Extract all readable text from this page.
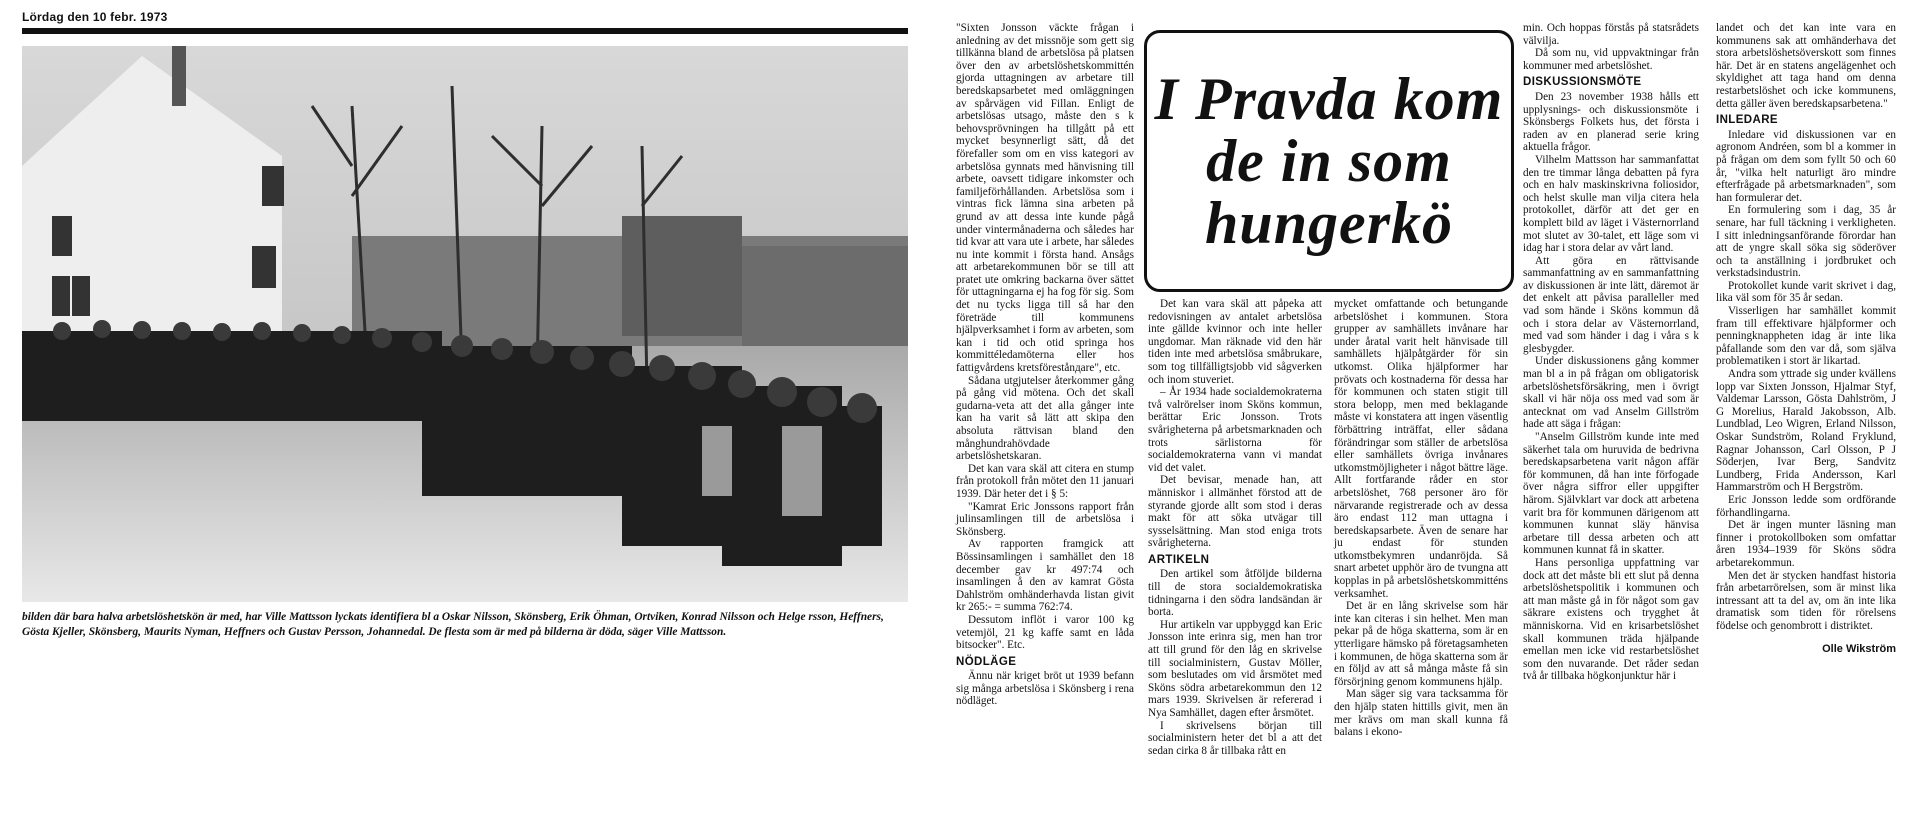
Lördag den 10 febr. 1973
bilden där bara halva arbetslöshetskön är med, har Ville Mattsson lyckats identifiera bl a Oskar Nilsson, Skönsberg, Erik Öhman, Ortviken, Konrad Nilsson och Helge rsson, Heffners, Gösta Kjeller, Skönsberg, Maurits Nyman, Heffners och Gustav Persson, Johannedal. De flesta som är med på bilderna är döda, säger Ville Mattsson.

"Sixten Jonsson väckte frågan i anledning av det missnöje som gett sig tillkänna bland de arbetslösa på platsen över den av arbetslöshetskommittén gjorda uttagningen av arbetare till beredskapsarbetet med omläggningen av spårvägen vid Fillan. Enligt de arbetslösas utsago, måste den s k behovsprövningen ha tillgått på ett mycket besynnerligt sätt, då det förefaller som om en viss kategori av arbetslösa gynnats med hänvisning till arbete, oavsett tidigare inkomster och familjeförhållanden. Arbetslösa som i vintras fick lämna sina arbeten på grund av att dessa inte kunde pågå under vintermånaderna och således har tid kvar att vara ute i arbete, har således nu inte kommit i första hand. Ansågs att arbetarekommunen bör se till att pratet ute omkring backarna över sättet för uttagningarna ej ha fog för sig. Som det nu tycks ligga till så har den företräde till kommunens hjälpverksamhet i form av arbeten, som kan i tid och otid springa hos kommittéledamöterna eller hos fattigvårdens kretsförestånдаre", etc.

Sådana utgjutelser återkommer gång på gång vid mötena. Och det skall gudarna-veta att det alla gånger inte kan ha varit så lätt att skipa den absoluta rättvisan bland den månghundrahövdade arbetslöshetskaran.

Det kan vara skäl att citera en stump från protokoll från mötet den 11 januari 1939. Där heter det i § 5:

"Kamrat Eric Jonssons rapport från julinsamlingen till de arbetslösa i Skönsberg.

Av rapporten framgick att Bössinsamlingen i samhället den 18 december gav kr 497:74 och insamlingen å den av kamrat Gösta Dahlström omhänderhavda listan givit kr 265:- = summa 762:74.

Dessutom inflöt i varor 100 kg vetemjöl, 21 kg kaffe samt en låda bitsocker". Etc.

NÖDLÄGE

Ännu när kriget bröt ut 1939 befann sig många arbetslösa i Skönsberg i rena nödläget.

I Pravda kom de in som hungerkö

Det kan vara skäl att påpeka att redovisningen av antalet arbetslösa inte gällde kvinnor och inte heller ungdomar. Man räknade vid den här tiden inte med arbetslösa småbrukare, som tog tillfälligtsjobb vid sågverken och inom stuveriet.

– År 1934 hade socialdemokraterna två valrörelser inom Sköns kommun, berättar Eric Jonsson. Trots svårigheterna på arbetsmarknaden och trots särlistorna för socialdemokraterna vann vi mandat vid det valet.

Det bevisar, menade han, att människor i allmänhet förstod att de styrande gjorde allt som stod i deras makt för att söka utvägar till sysselsättning. Man stod eniga trots svårigheterna.

ARTIKELN

Den artikel som åtföljde bilderna till de stora socialdemokratiska tidningarna i den södra landsändan är borta.

Hur artikeln var uppbyggd kan Eric Jonsson inte erinra sig, men han tror att till grund för den låg en skrivelse till socialministern, Gustav Möller, som beslutades om vid årsmötet med Sköns södra arbetarekommun den 12 mars 1939. Skrivelsen är refererad i Nya Samhället, dagen efter årsmötet.

I skrivelsens början till socialministern heter det bl a att det sedan cirka 8 år tillbaka rått en

mycket omfattande och betungande arbetslöshet i kommunen. Stora grupper av samhällets invånare har under åratal varit helt hänvisade till samhällets hjälpåtgärder för sin utkomst. Olika hjälpformer har prövats och kostnaderna för dessa har för kommunen och staten stigit till stora belopp, men med beklagande måste vi konstatera att ingen väsentlig förbättring inträffat, eller sådana förändringar som ställer de arbetslösa eller samhällets övriga invånares utkomstmöjligheter i något bättre läge. Allt fortfarande råder en stor arbetslöshet, 768 personer äro för närvarande registrerade och av dessa äro endast 112 man uttagna i beredskapsarbete. Även de senare har ju endast för stunden utkomstbekymren undanröjda. Så snart arbetet upphör äro de tvungna att kopplas in på arbetslöshetskommitténs verksamhet.

Det är en lång skrivelse som här inte kan citeras i sin helhet. Men man pekar på de höga skatterna, som är en ytterligare hämsko på företagsamheten i kommunen, de höga skatterna som är en följd av att så många måste få sin försörjning genom kommunens hjälp.

Man säger sig vara tacksamma för den hjälp staten hittills givit, men än mer krävs om man skall kunna få balans i ekono-

min. Och hoppas förstås på statsrådets välvilja.

Då som nu, vid uppvaktningar från kommuner med arbetslöshet.

DISKUSSIONSMÖTE

Den 23 november 1938 hålls ett upplysnings- och diskussionsmöte i Skönsbergs Folkets hus, det första i raden av en planerad serie kring aktuella frågor.

Vilhelm Mattsson har sammanfattat den tre timmar långa debatten på fyra och en halv maskinskrivna foliosidor, och helst skulle man vilja citera hela protokollet, därför att det ger en komplett bild av läget i Västernorrland mot slutet av 30-talet, ett läge som vi idag har i stora delar av vårt land.

Att göra en rättvisande sammanfattning av en sammanfattning av diskussionen är inte lätt, däremot är det enkelt att påvisa paralleller med vad som hände i Sköns kommun då och i stora delar av Västernorrland, med vad som händer i dag i våra s k glesbygder.

Under diskussionens gång kommer man bl a in på frågan om obligatorisk arbetslöshetsförsäkring, men i övrigt skall vi här nöja oss med vad som är antecknat om vad Anselm Gillström hade att säga i frågan:

"Anselm Gillström kunde inte med säkerhet tala om huruvida de bedrivna beredskapsarbetena varit någon affär för kommunen, då han inte förfogade över några siffror eller uppgifter härom. Självklart var dock att arbetena varit bra för kommunen därigenom att kommunen kunnat släy hänvisa arbetare till dessa arbeten och att kommunen kunnat få in skatter.

Hans personliga uppfattning var dock att det måste bli ett slut på denna arbetslöshetspolitik i kommunen och att man måste gå in för något som gav säkrare existens och trygghet åt människorna. Vid en krisarbetslöshet skall kommunen träda hjälpande emellan men icke vid restarbetslöshet som den nuvarande. Det råder sedan två år tillbaka högkonjunktur här i

landet och det kan inte vara en kommunens sak att omhänderhava det stora arbetslöshetsöverskott som finnes här. Det är en statens angelägenhet och skyldighet att taga hand om denna restarbetslöshet och icke kommunens, detta gäller även beredskapsarbetena."

INLEDARE

Inledare vid diskussionen var en agronom Andréen, som bl a kommer in på frågan om dem som fyllt 50 och 60 år, "vilka helt naturligt äro mindre efterfrågade på arbetsmarknaden", som han formulerar det.

En formulering som i dag, 35 år senare, har full täckning i verkligheten. I sitt inledningsanförande förordar han att de yngre skall söka sig söderöver och ta anställning i jordbruket och verkstadsindustrin.

Protokollet kunde varit skrivet i dag, lika väl som för 35 år sedan.

Visserligen har samhället kommit fram till effektivare hjälpformer och penningknappheten idag är inte lika påfallande som den var då, som själva problematiken i stort är likartad.

Andra som yttrade sig under kvällens lopp var Sixten Jonsson, Hjalmar Styf, Valdemar Larsson, Gösta Dahlström, J G Morelius, Harald Jakobsson, Alb. Lundblad, Leo Wigren, Erland Nilsson, Oskar Sundström, Roland Fryklund, Ragnar Johansson, Carl Olsson, P J Söderjen, Ivar Berg, Sandvitz Lundberg, Frida Andersson, Karl Hammarström och H Bergström.

Eric Jonsson ledde som ordförande förhandlingarna.

Det är ingen munter läsning man finner i protokollboken som omfattar åren 1934–1939 för Sköns södra arbetarekommun.

Men det är stycken handfast historia från arbetarrörelsen, som är minst lika intressant att ta del av, om än inte lika dramatisk som tiden för rörelsens födelse och genombrott i distriktet.

Olle Wikström
